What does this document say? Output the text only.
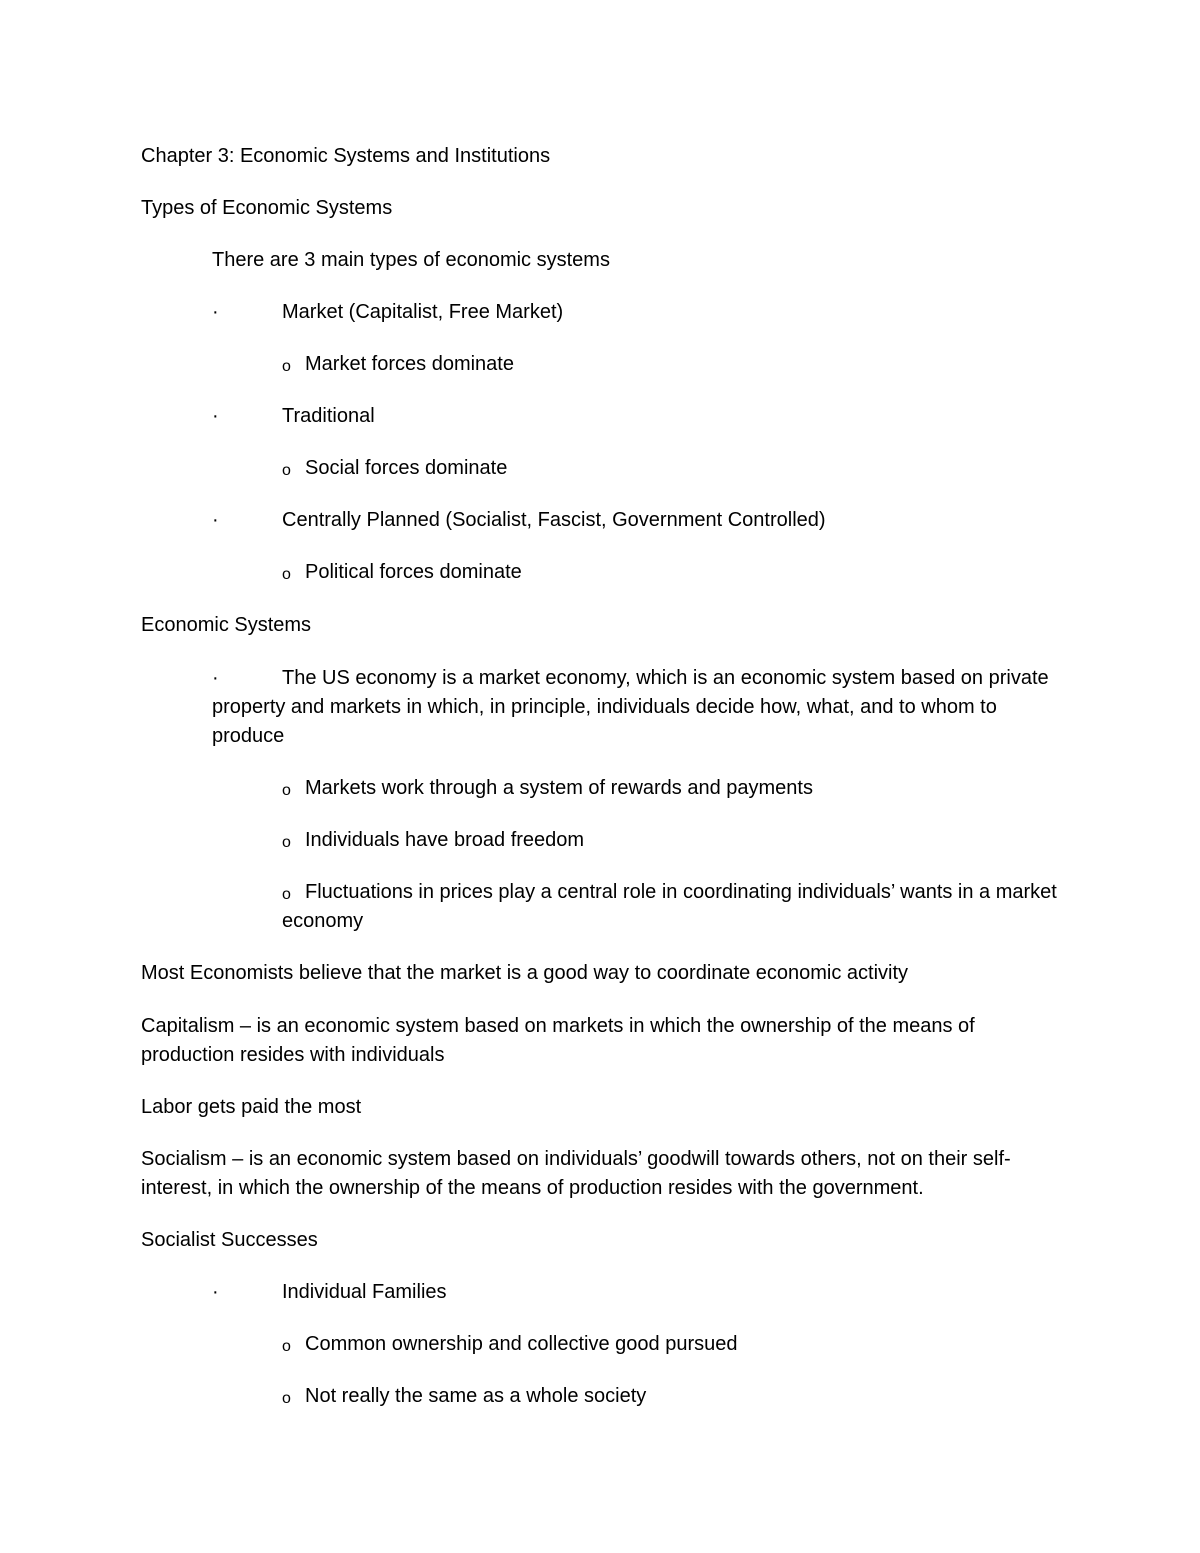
Chapter 3: Economic Systems and Institutions
Types of Economic Systems
There are 3 main types of economic systems
·	Market (Capitalist, Free Market)
o Market forces dominate
·	Traditional
o Social forces dominate
·	Centrally Planned (Socialist, Fascist, Government Controlled)
o Political forces dominate
Economic Systems
·	The US economy is a market economy, which is an economic system based on private property and markets in which, in principle, individuals decide how, what, and to whom to produce
o Markets work through a system of rewards and payments
o Individuals have broad freedom
o Fluctuations in prices play a central role in coordinating individuals’ wants in a market economy
Most Economists believe that the market is a good way to coordinate economic activity
Capitalism – is an economic system based on markets in which the ownership of the means of production resides with individuals
Labor gets paid the most
Socialism – is an economic system based on individuals’ goodwill towards others, not on their self-interest, in which the ownership of the means of production resides with the government.
Socialist Successes
·	Individual Families
o Common ownership and collective good pursued
o Not really the same as a whole society
